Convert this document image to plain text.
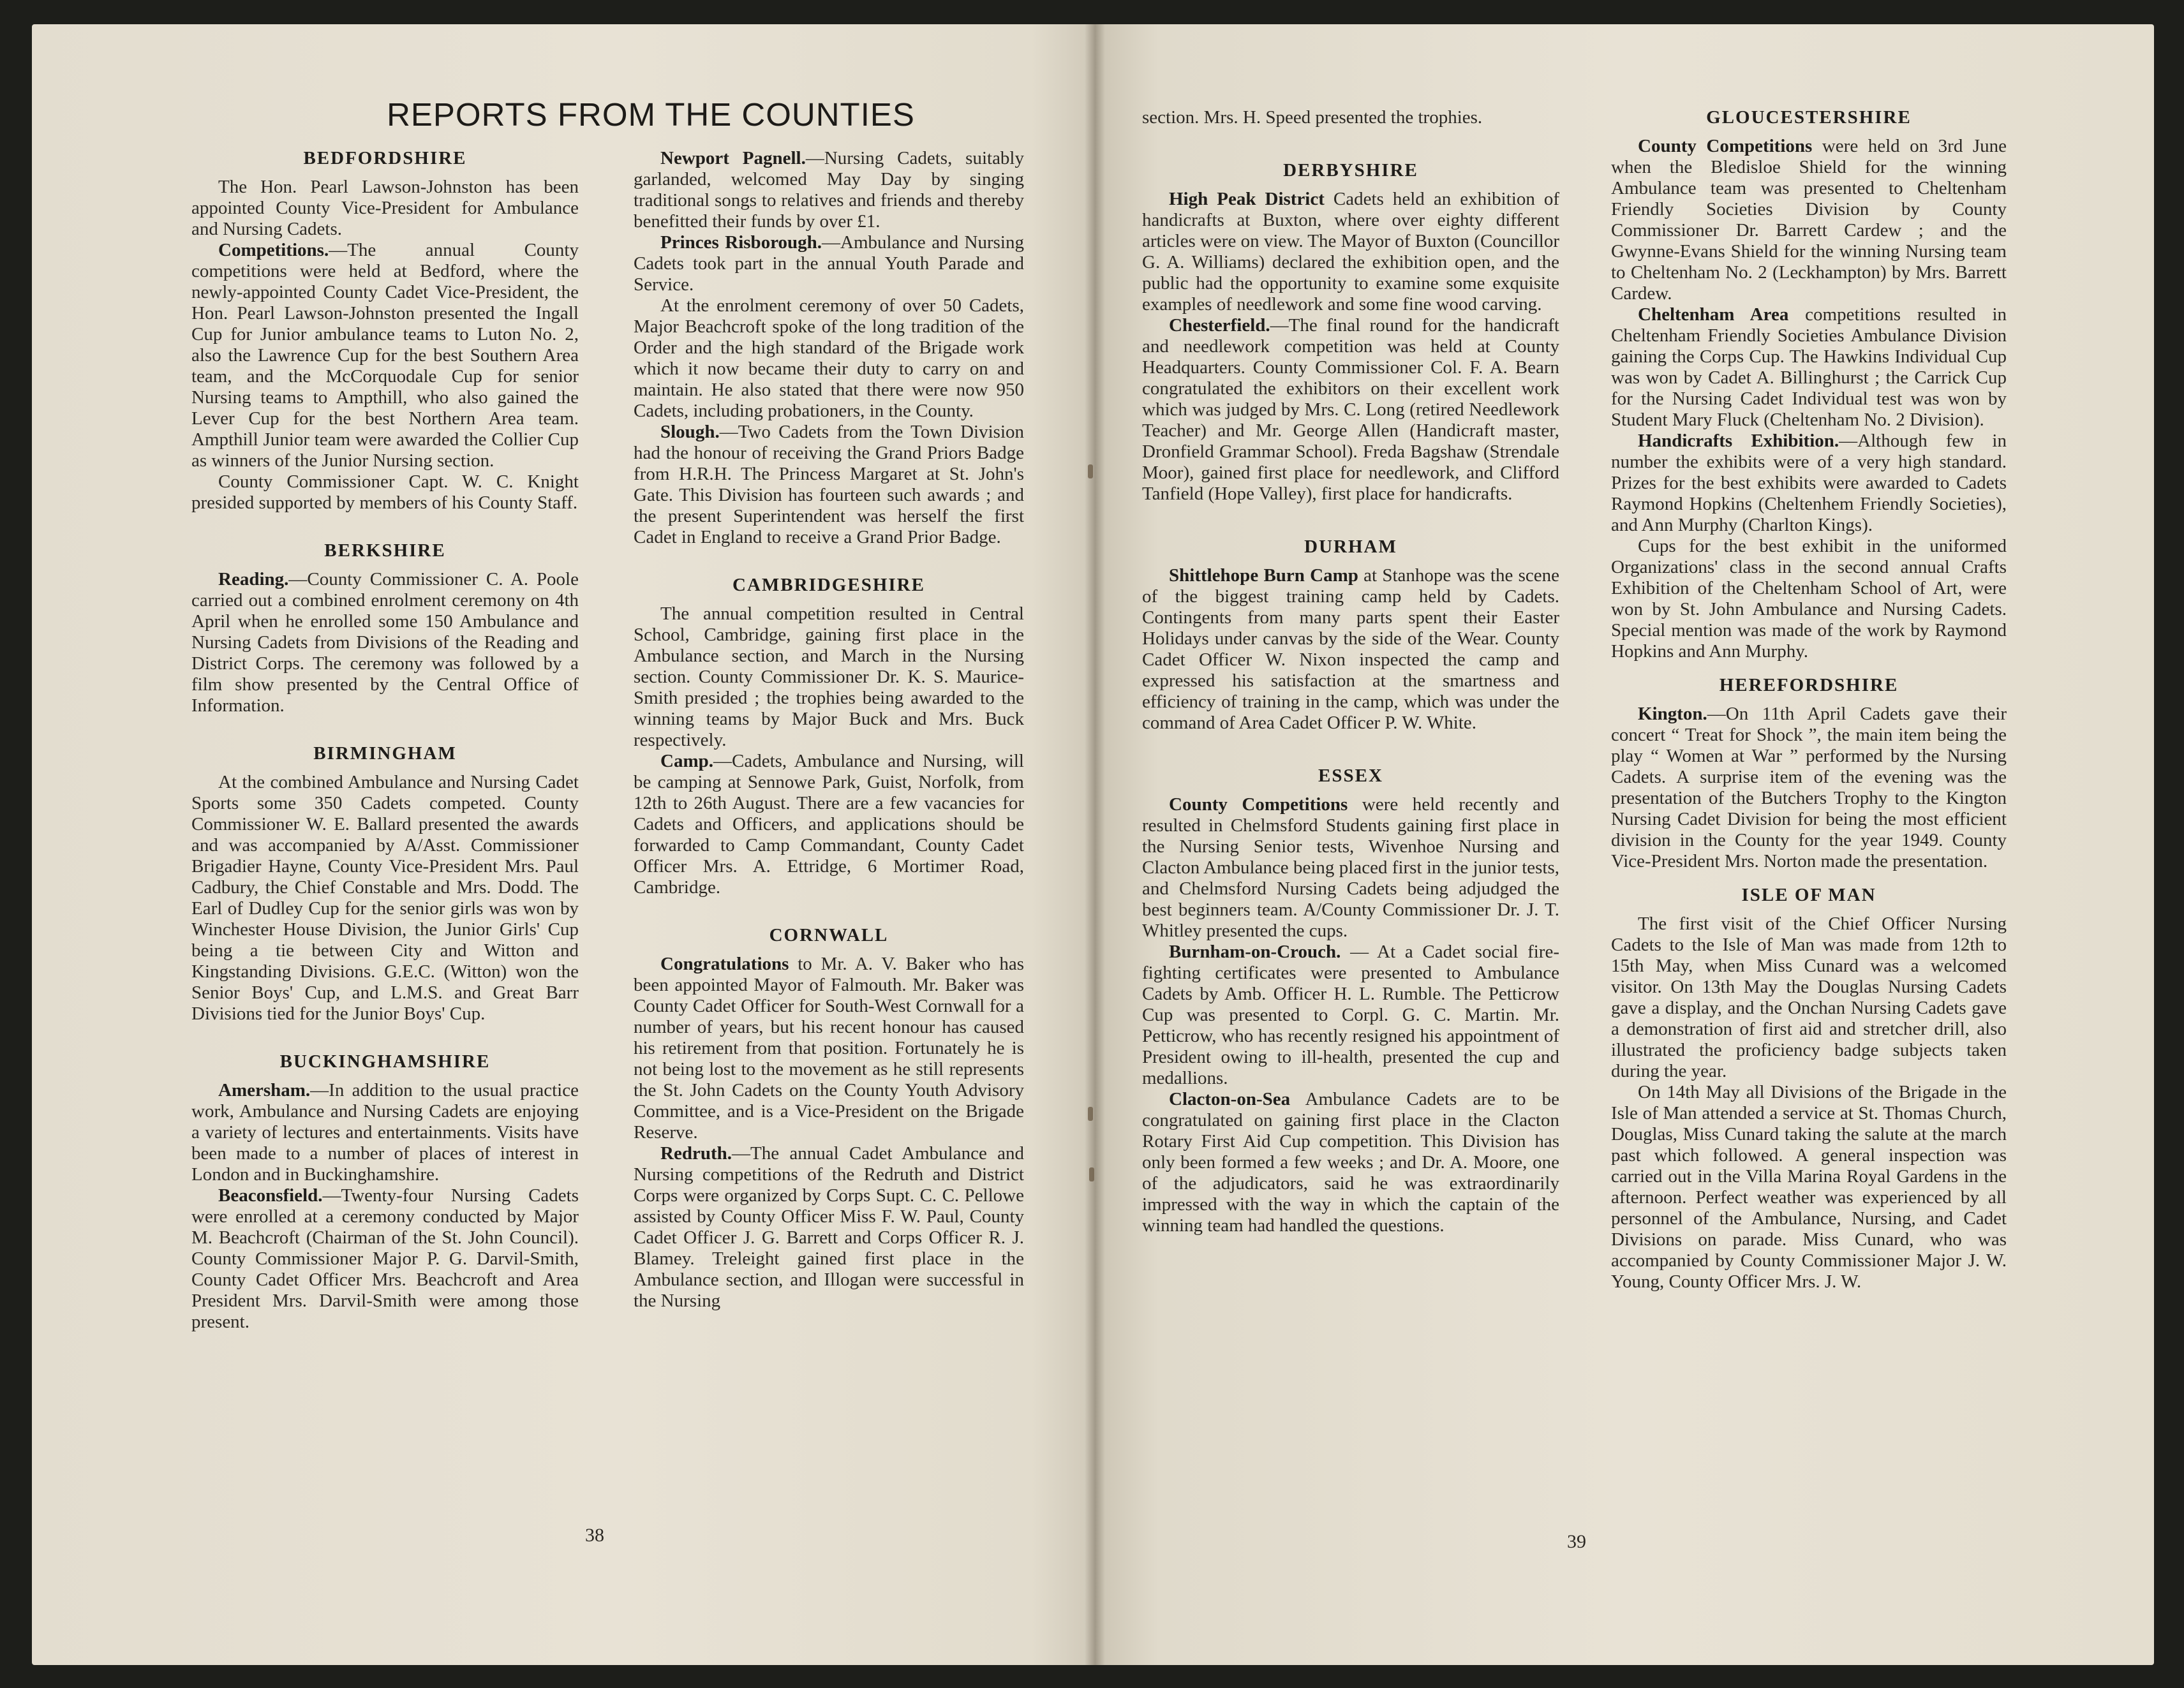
REPORTS FROM THE COUNTIES
BEDFORDSHIRE

The Hon. Pearl Lawson-Johnston has been appointed County Vice-President for Ambulance and Nursing Cadets.

Competitions.—The annual County competitions were held at Bedford, where the newly-appointed County Cadet Vice-President, the Hon. Pearl Lawson-Johnston presented the Ingall Cup for Junior ambulance teams to Luton No. 2, also the Lawrence Cup for the best Southern Area team, and the McCorquodale Cup for senior Nursing teams to Ampthill, who also gained the Lever Cup for the best Northern Area team. Ampthill Junior team were awarded the Collier Cup as winners of the Junior Nursing section.

County Commissioner Capt. W. C. Knight presided supported by members of his County Staff.

BERKSHIRE

Reading.—County Commissioner C. A. Poole carried out a combined enrolment ceremony on 4th April when he enrolled some 150 Ambulance and Nursing Cadets from Divisions of the Reading and District Corps. The ceremony was followed by a film show presented by the Central Office of Information.

BIRMINGHAM

At the combined Ambulance and Nursing Cadet Sports some 350 Cadets competed. County Commissioner W. E. Ballard presented the awards and was accompanied by A/Asst. Commissioner Brigadier Hayne, County Vice-President Mrs. Paul Cadbury, the Chief Constable and Mrs. Dodd. The Earl of Dudley Cup for the senior girls was won by Winchester House Division, the Junior Girls' Cup being a tie between City and Witton and Kingstanding Divisions. G.E.C. (Witton) won the Senior Boys' Cup, and L.M.S. and Great Barr Divisions tied for the Junior Boys' Cup.

BUCKINGHAMSHIRE

Amersham.—In addition to the usual practice work, Ambulance and Nursing Cadets are enjoying a variety of lectures and entertainments. Visits have been made to a number of places of interest in London and in Buckinghamshire.

Beaconsfield.—Twenty-four Nursing Cadets were enrolled at a ceremony conducted by Major M. Beachcroft (Chairman of the St. John Council). County Commissioner Major P. G. Darvil-Smith, County Cadet Officer Mrs. Beachcroft and Area President Mrs. Darvil-Smith were among those present.

Newport Pagnell.—Nursing Cadets, suitably garlanded, welcomed May Day by singing traditional songs to relatives and friends and thereby benefitted their funds by over £1.

Princes Risborough.—Ambulance and Nursing Cadets took part in the annual Youth Parade and Service.

At the enrolment ceremony of over 50 Cadets, Major Beachcroft spoke of the long tradition of the Order and the high standard of the Brigade work which it now became their duty to carry on and maintain. He also stated that there were now 950 Cadets, including probationers, in the County.

Slough.—Two Cadets from the Town Division had the honour of receiving the Grand Priors Badge from H.R.H. The Princess Margaret at St. John's Gate. This Division has fourteen such awards ; and the present Superintendent was herself the first Cadet in England to receive a Grand Prior Badge.

CAMBRIDGESHIRE

The annual competition resulted in Central School, Cambridge, gaining first place in the Ambulance section, and March in the Nursing section. County Commissioner Dr. K. S. Maurice-Smith presided ; the trophies being awarded to the winning teams by Major Buck and Mrs. Buck respectively.

Camp.—Cadets, Ambulance and Nursing, will be camping at Sennowe Park, Guist, Norfolk, from 12th to 26th August. There are a few vacancies for Cadets and Officers, and applications should be forwarded to Camp Commandant, County Cadet Officer Mrs. A. Ettridge, 6 Mortimer Road, Cambridge.

CORNWALL

Congratulations to Mr. A. V. Baker who has been appointed Mayor of Falmouth. Mr. Baker was County Cadet Officer for South-West Cornwall for a number of years, but his recent honour has caused his retirement from that position. Fortunately he is not being lost to the movement as he still represents the St. John Cadets on the County Youth Advisory Committee, and is a Vice-President on the Brigade Reserve.

Redruth.—The annual Cadet Ambulance and Nursing competitions of the Redruth and District Corps were organized by Corps Supt. C. C. Pellowe assisted by County Officer Miss F. W. Paul, County Cadet Officer J. G. Barrett and Corps Officer R. J. Blamey. Treleight gained first place in the Ambulance section, and Illogan were successful in the Nursing

section. Mrs. H. Speed presented the trophies.

DERBYSHIRE

High Peak District Cadets held an exhibition of handicrafts at Buxton, where over eighty different articles were on view. The Mayor of Buxton (Councillor G. A. Williams) declared the exhibition open, and the public had the opportunity to examine some exquisite examples of needlework and some fine wood carving.

Chesterfield.—The final round for the handicraft and needlework competition was held at County Headquarters. County Commissioner Col. F. A. Bearn congratulated the exhibitors on their excellent work which was judged by Mrs. C. Long (retired Needlework Teacher) and Mr. George Allen (Handicraft master, Dronfield Grammar School). Freda Bagshaw (Strendale Moor), gained first place for needlework, and Clifford Tanfield (Hope Valley), first place for handicrafts.

DURHAM

Shittlehope Burn Camp at Stanhope was the scene of the biggest training camp held by Cadets. Contingents from many parts spent their Easter Holidays under canvas by the side of the Wear. County Cadet Officer W. Nixon inspected the camp and expressed his satisfaction at the smartness and efficiency of training in the camp, which was under the command of Area Cadet Officer P. W. White.

ESSEX

County Competitions were held recently and resulted in Chelmsford Students gaining first place in the Nursing Senior tests, Wivenhoe Nursing and Clacton Ambulance being placed first in the junior tests, and Chelmsford Nursing Cadets being adjudged the best beginners team. A/County Commissioner Dr. J. T. Whitley presented the cups.

Burnham-on-Crouch. — At a Cadet social fire-fighting certificates were presented to Ambulance Cadets by Amb. Officer H. L. Rumble. The Petticrow Cup was presented to Corpl. G. C. Martin. Mr. Petticrow, who has recently resigned his appointment of President owing to ill-health, presented the cup and medallions.

Clacton-on-Sea Ambulance Cadets are to be congratulated on gaining first place in the Clacton Rotary First Aid Cup competition. This Division has only been formed a few weeks ; and Dr. A. Moore, one of the adjudicators, said he was extraordinarily impressed with the way in which the captain of the winning team had handled the questions.

GLOUCESTERSHIRE

County Competitions were held on 3rd June when the Bledisloe Shield for the winning Ambulance team was presented to Cheltenham Friendly Societies Division by County Commissioner Dr. Barrett Cardew ; and the Gwynne-Evans Shield for the winning Nursing team to Cheltenham No. 2 (Leckhampton) by Mrs. Barrett Cardew.

Cheltenham Area competitions resulted in Cheltenham Friendly Societies Ambulance Division gaining the Corps Cup. The Hawkins Individual Cup was won by Cadet A. Billinghurst ; the Carrick Cup for the Nursing Cadet Individual test was won by Student Mary Fluck (Cheltenham No. 2 Division).

Handicrafts Exhibition.—Although few in number the exhibits were of a very high standard. Prizes for the best exhibits were awarded to Cadets Raymond Hopkins (Cheltenhem Friendly Societies), and Ann Murphy (Charlton Kings).

Cups for the best exhibit in the uniformed Organizations' class in the second annual Crafts Exhibition of the Cheltenham School of Art, were won by St. John Ambulance and Nursing Cadets. Special mention was made of the work by Raymond Hopkins and Ann Murphy.

HEREFORDSHIRE

Kington.—On 11th April Cadets gave their concert “ Treat for Shock ”, the main item being the play “ Women at War ” performed by the Nursing Cadets. A surprise item of the evening was the presentation of the Butchers Trophy to the Kington Nursing Cadet Division for being the most efficient division in the County for the year 1949. County Vice-President Mrs. Norton made the presentation.

ISLE OF MAN

The first visit of the Chief Officer Nursing Cadets to the Isle of Man was made from 12th to 15th May, when Miss Cunard was a welcomed visitor. On 13th May the Douglas Nursing Cadets gave a display, and the Onchan Nursing Cadets gave a demonstration of first aid and stretcher drill, also illustrated the proficiency badge subjects taken during the year.

On 14th May all Divisions of the Brigade in the Isle of Man attended a service at St. Thomas Church, Douglas, Miss Cunard taking the salute at the march past which followed. A general inspection was carried out in the Villa Marina Royal Gardens in the afternoon. Perfect weather was experienced by all personnel of the Ambulance, Nursing, and Cadet Divisions on parade. Miss Cunard, who was accompanied by County Commissioner Major J. W. Young, County Officer Mrs. J. W.

38	39
